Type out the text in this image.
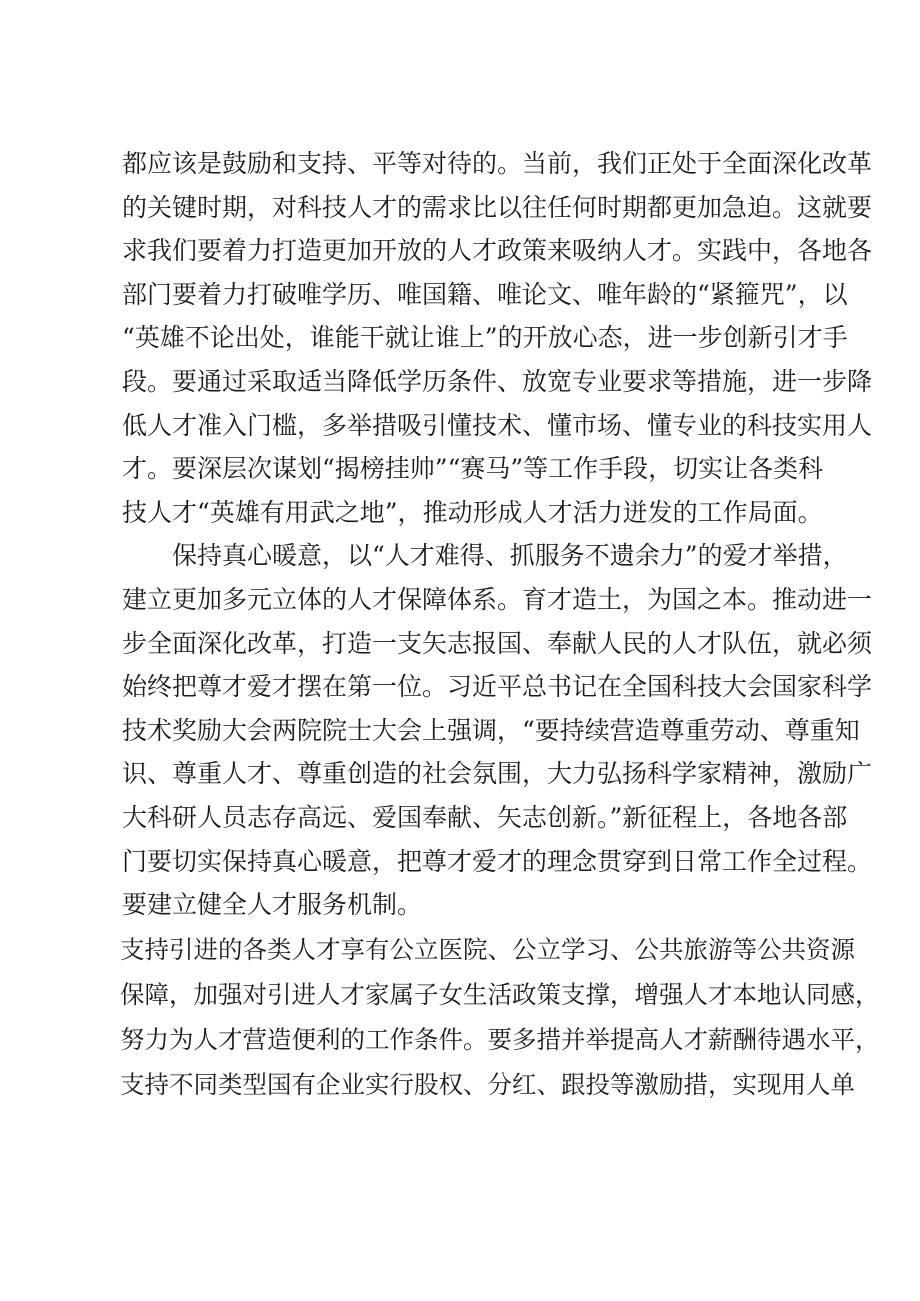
都应该是鼓励和支持、平等对待的。当前，我们正处于全面深化改革
的关键时期，对科技人才的需求比以往任何时期都更加急迫。这就要
求我们要着力打造更加开放的人才政策来吸纳人才。实践中，各地各
部门要着力打破唯学历、唯国籍、唯论文、唯年龄的“紧箍咒”，以
“英雄不论出处，谁能干就让谁上”的开放心态，进一步创新引才手
段。要通过采取适当降低学历条件、放宽专业要求等措施，进一步降
低人才准入门槛，多举措吸引懂技术、懂市场、懂专业的科技实用人
才。要深层次谋划“揭榜挂帅”“赛马”等工作手段，切实让各类科
技人才“英雄有用武之地”，推动形成人才活力迸发的工作局面。
保持真心暖意，以“人才难得、抓服务不遗余力”的爱才举措，
建立更加多元立体的人才保障体系。育才造土，为国之本。推动进一
步全面深化改革，打造一支矢志报国、奉献人民的人才队伍，就必须
始终把尊才爱才摆在第一位。习近平总书记在全国科技大会国家科学
技术奖励大会两院院士大会上强调，“要持续营造尊重劳动、尊重知
识、尊重人才、尊重创造的社会氛围，大力弘扬科学家精神，激励广
大科研人员志存高远、爱国奉献、矢志创新。”新征程上，各地各部
门要切实保持真心暖意，把尊才爱才的理念贯穿到日常工作全过程。
要建立健全人才服务机制。
支持引进的各类人才享有公立医院、公立学习、公共旅游等公共资源
保障，加强对引进人才家属子女生活政策支撑，增强人才本地认同感，
努力为人才营造便利的工作条件。要多措并举提高人才薪酬待遇水平，
支持不同类型国有企业实行股权、分红、跟投等激励措，实现用人单
